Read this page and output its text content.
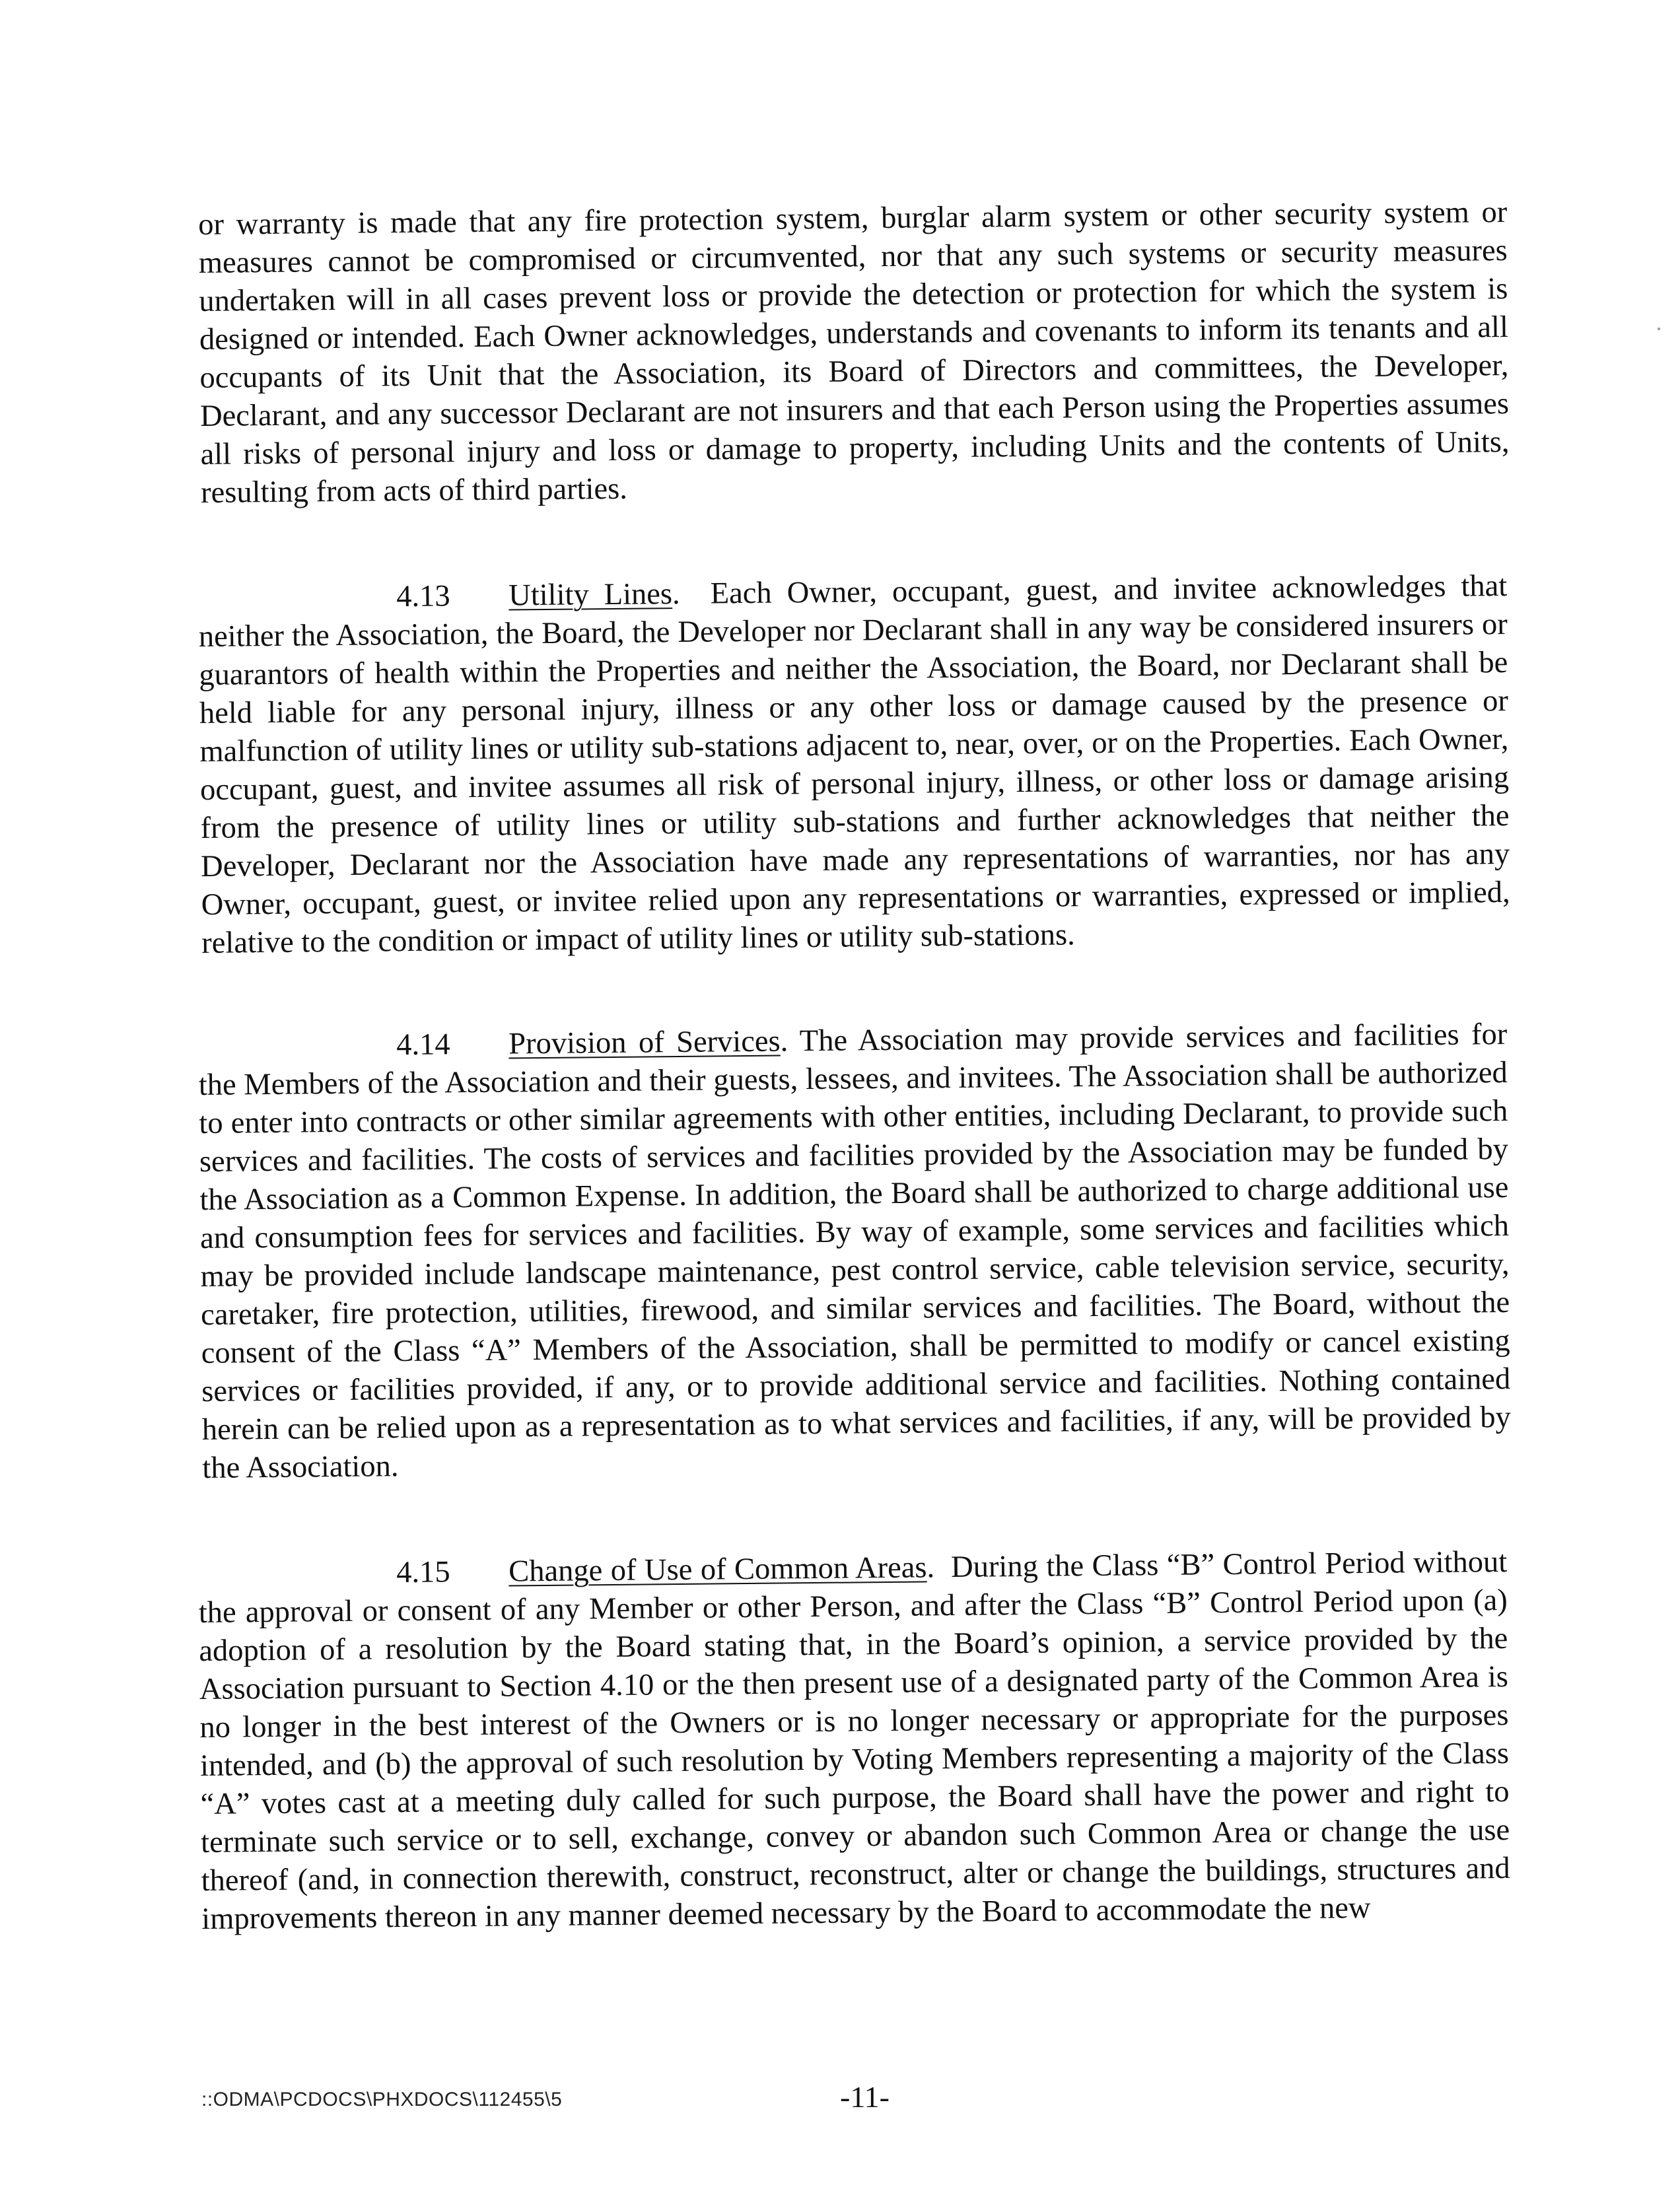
or warranty is made that any fire protection system, burglar alarm system or other security system or measures cannot be compromised or circumvented, nor that any such systems or security measures undertaken will in all cases prevent loss or provide the detection or protection for which the system is designed or intended. Each Owner acknowledges, understands and covenants to inform its tenants and all occupants of its Unit that the Association, its Board of Directors and committees, the Developer, Declarant, and any successor Declarant are not insurers and that each Person using the Properties assumes all risks of personal injury and loss or damage to property, including Units and the contents of Units, resulting from acts of third parties.

4.13 Utility Lines.  Each Owner, occupant, guest, and invitee acknowledges that neither the Association, the Board, the Developer nor Declarant shall in any way be considered insurers or guarantors of health within the Properties and neither the Association, the Board, nor Declarant shall be held liable for any personal injury, illness or any other loss or damage caused by the presence or malfunction of utility lines or utility sub-stations adjacent to, near, over, or on the Properties. Each Owner, occupant, guest, and invitee assumes all risk of personal injury, illness, or other loss or damage arising from the presence of utility lines or utility sub-stations and further acknowledges that neither the Developer, Declarant nor the Association have made any representations of warranties, nor has any Owner, occupant, guest, or invitee relied upon any representations or warranties, expressed or implied, relative to the condition or impact of utility lines or utility sub-stations.

4.14 Provision of Services. The Association may provide services and facilities for the Members of the Association and their guests, lessees, and invitees. The Association shall be authorized to enter into contracts or other similar agreements with other entities, including Declarant, to provide such services and facilities. The costs of services and facilities provided by the Association may be funded by the Association as a Common Expense. In addition, the Board shall be authorized to charge additional use and consumption fees for services and facilities. By way of example, some services and facilities which may be provided include landscape maintenance, pest control service, cable television service, security, caretaker, fire protection, utilities, firewood, and similar services and facilities. The Board, without the consent of the Class “A” Members of the Association, shall be permitted to modify or cancel existing services or facilities provided, if any, or to provide additional service and facilities. Nothing contained herein can be relied upon as a representation as to what services and facilities, if any, will be provided by the Association.

4.15 Change of Use of Common Areas.  During the Class “B” Control Period without the approval or consent of any Member or other Person, and after the Class “B” Control Period upon (a) adoption of a resolution by the Board stating that, in the Board’s opinion, a service provided by the Association pursuant to Section 4.10 or the then present use of a designated party of the Common Area is no longer in the best interest of the Owners or is no longer necessary or appropriate for the purposes intended, and (b) the approval of such resolution by Voting Members representing a majority of the Class “A” votes cast at a meeting duly called for such purpose, the Board shall have the power and right to terminate such service or to sell, exchange, convey or abandon such Common Area or change the use thereof (and, in connection therewith, construct, reconstruct, alter or change the buildings, structures and improvements thereon in any manner deemed necessary by the Board to accommodate the new

::ODMA\PCDOCS\PHXDOCS\112455\5	-11-
